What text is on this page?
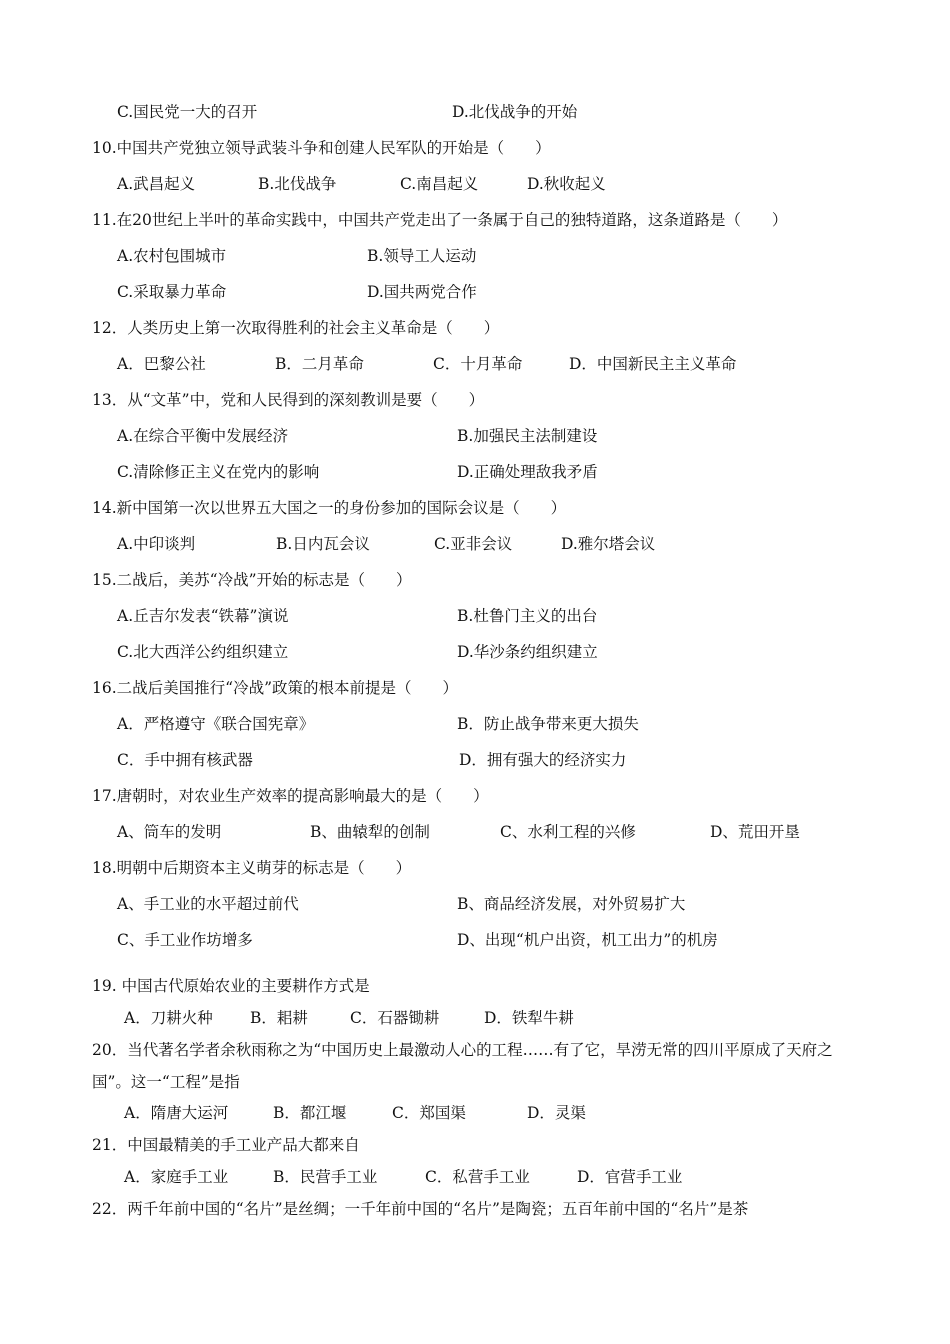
C.国民党一大的召开	D.北伐战争的开始
10.中国共产党独立领导武装斗争和创建人民军队的开始是（　　）
A.武昌起义	B.北伐战争	C.南昌起义	D.秋收起义
11.在20世纪上半叶的革命实践中，中国共产党走出了一条属于自己的独特道路，这条道路是（　　）
A.农村包围城市	B.领导工人运动
C.采取暴力革命	D.国共两党合作
12．人类历史上第一次取得胜利的社会主义革命是（　　）
A．巴黎公社	B．二月革命	C．十月革命	D．中国新民主主义革命
13．从“文革”中，党和人民得到的深刻教训是要（　　）
A.在综合平衡中发展经济	B.加强民主法制建设
C.清除修正主义在党内的影响	D.正确处理敌我矛盾
14.新中国第一次以世界五大国之一的身份参加的国际会议是（　　）
A.中印谈判	B.日内瓦会议	C.亚非会议	D.雅尔塔会议
15.二战后，美苏“冷战”开始的标志是（　　）
A.丘吉尔发表“铁幕”演说	B.杜鲁门主义的出台
C.北大西洋公约组织建立	D.华沙条约组织建立
16.二战后美国推行“冷战”政策的根本前提是（　　）
A．严格遵守《联合国宪章》	B．防止战争带来更大损失
C．手中拥有核武器	D．拥有强大的经济实力
17.唐朝时，对农业生产效率的提高影响最大的是（　　）
A、筒车的发明	B、曲辕犁的创制	C、水利工程的兴修	D、荒田开垦
18.明朝中后期资本主义萌芽的标志是（　　）
A、手工业的水平超过前代	B、商品经济发展，对外贸易扩大
C、手工业作坊增多	D、出现“机户出资，机工出力”的机房
19. 中国古代原始农业的主要耕作方式是
A．刀耕火种 B．耜耕	C．石器锄耕	D．铁犁牛耕
20．当代著名学者余秋雨称之为“中国历史上最激动人心的工程……有了它，旱涝无常的四川平原成了天府之国”。这一“工程”是指
A．隋唐大运河	B．都江堰	C．郑国渠	D．灵渠
21．中国最精美的手工业产品大都来自
A．家庭手工业	B．民营手工业	C．私营手工业	D．官营手工业
22．两千年前中国的“名片”是丝绸；一千年前中国的“名片”是陶瓷；五百年前中国的“名片”是茶
